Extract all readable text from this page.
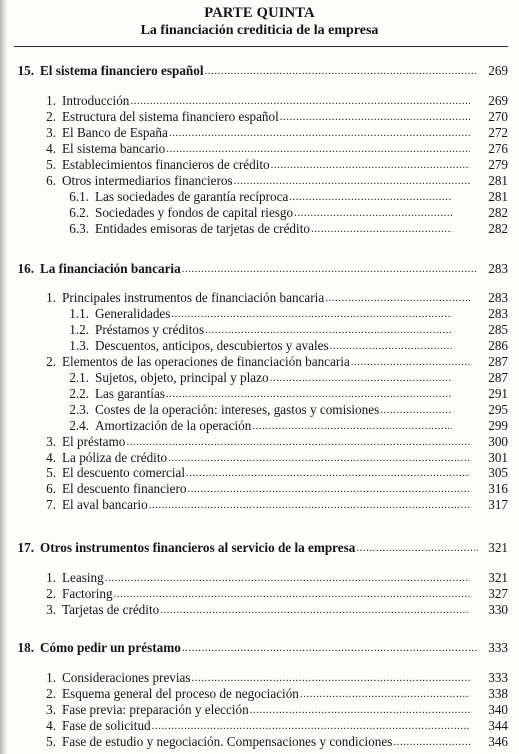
PARTE QUINTA
La financiación crediticia de la empresa
15. El sistema financiero español .....	269
1. Introducción .....	269
2. Estructura del sistema financiero español .....	270
3. El Banco de España .....	272
4. El sistema bancario .....	276
5. Establecimientos financieros de crédito .....	279
6. Otros intermediarios financieros .....	281
6.1. Las sociedades de garantía recíproca .....	281
6.2. Sociedades y fondos de capital riesgo .....	282
6.3. Entidades emisoras de tarjetas de crédito .....	282
16. La financiación bancaria .....	283
1. Principales instrumentos de financiación bancaria .....	283
1.1. Generalidades .....	283
1.2. Préstamos y créditos .....	285
1.3. Descuentos, anticipos, descubiertos y avales .....	286
2. Elementos de las operaciones de financiación bancaria .....	287
2.1. Sujetos, objeto, principal y plazo .....	287
2.2. Las garantías .....	291
2.3. Costes de la operación: intereses, gastos y comisiones .....	295
2.4. Amortización de la operación .....	299
3. El préstamo .....	300
4. La póliza de crédito .....	301
5. El descuento comercial .....	305
6. El descuento financiero .....	316
7. El aval bancario .....	317
17. Otros instrumentos financieros al servicio de la empresa .....	321
1. Leasing .....	321
2. Factoring .....	327
3. Tarjetas de crédito .....	330
18. Cómo pedir un préstamo .....	333
1. Consideraciones previas .....	333
2. Esquema general del proceso de negociación .....	338
3. Fase previa: preparación y elección .....	340
4. Fase de solicitud .....	344
5. Fase de estudio y negociación. Compensaciones y condiciones .....	346
